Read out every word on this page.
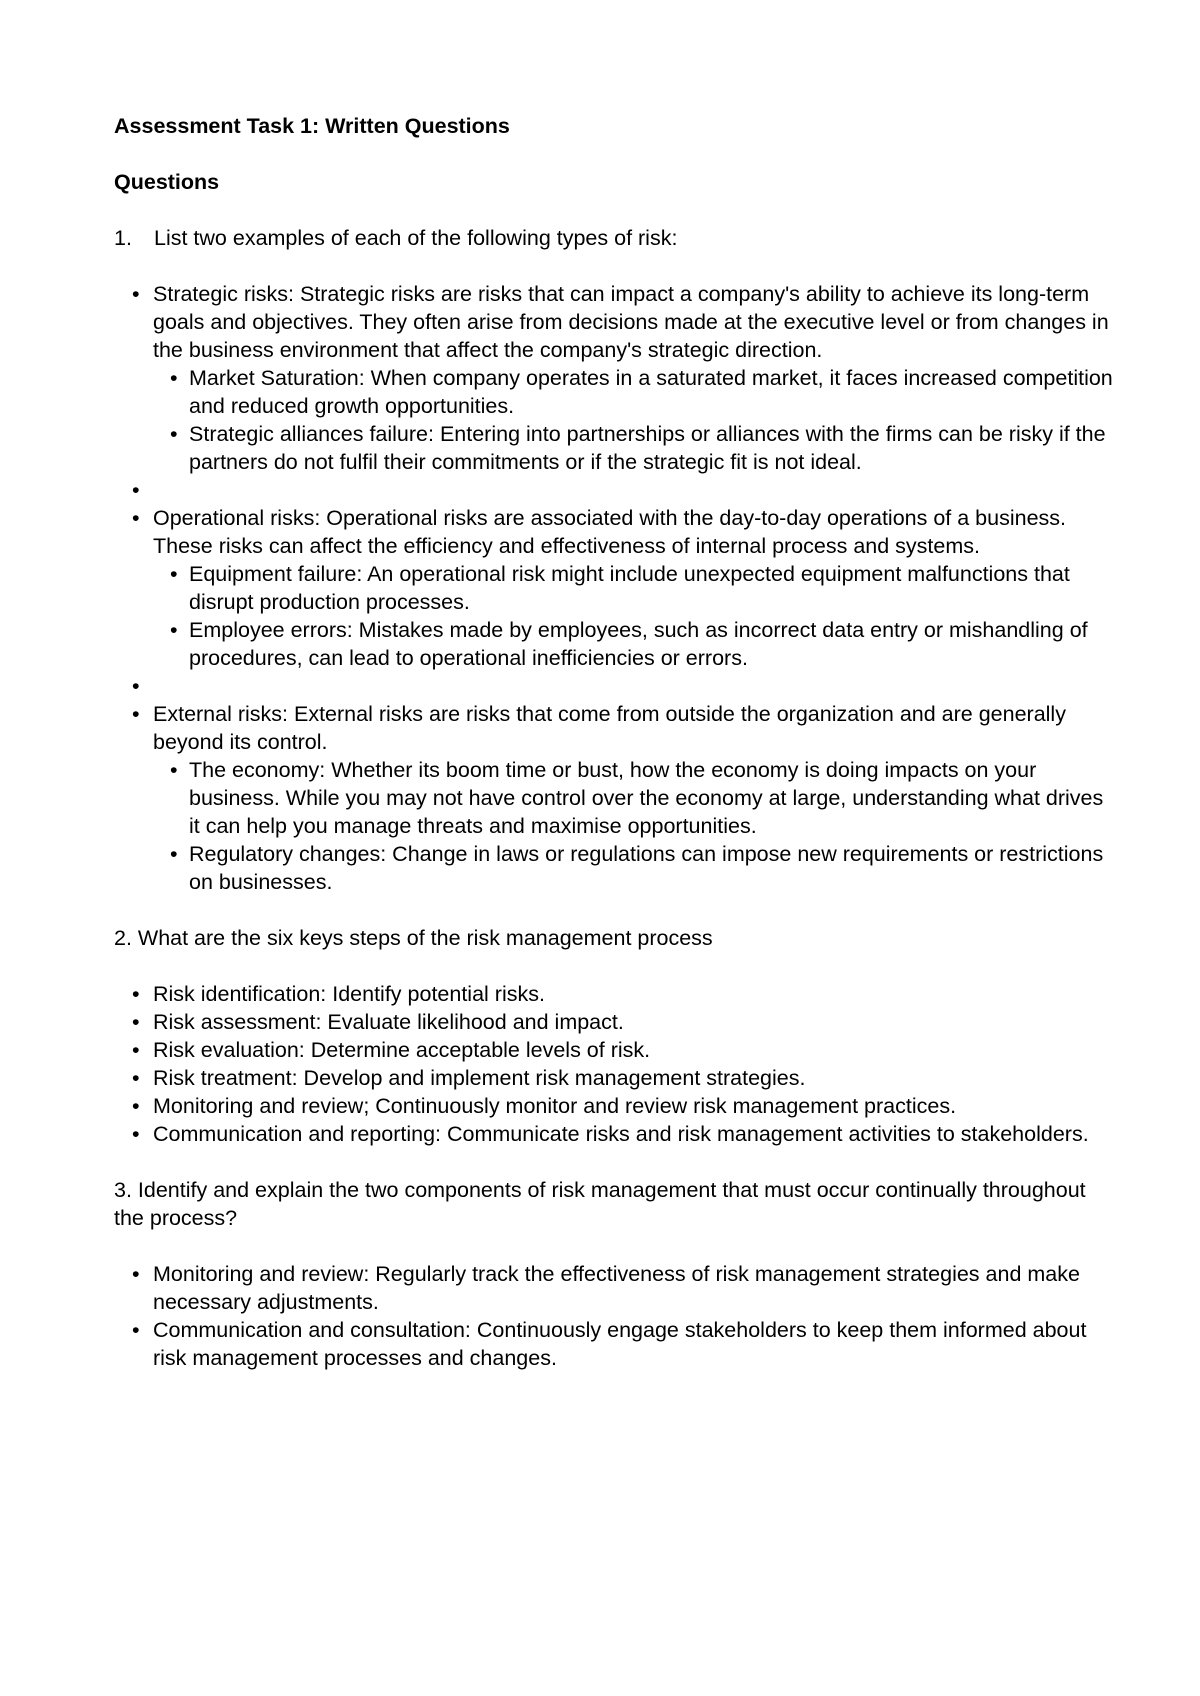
Assessment Task 1: Written Questions

Questions

1.	List two examples of each of the following types of risk:
• Strategic risks: Strategic risks are risks that can impact a company's ability to achieve its long-term goals and objectives. They often arise from decisions made at the executive level or from changes in the business environment that affect the company's strategic direction.
• Market Saturation: When company operates in a saturated market, it faces increased competition and reduced growth opportunities.
• Strategic alliances failure: Entering into partnerships or alliances with the firms can be risky if the partners do not fulfil their commitments or if the strategic fit is not ideal.
•
• Operational risks: Operational risks are associated with the day-to-day operations of a business. These risks can affect the efficiency and effectiveness of internal process and systems.
• Equipment failure: An operational risk might include unexpected equipment malfunctions that disrupt production processes.
• Employee errors: Mistakes made by employees, such as incorrect data entry or mishandling of procedures, can lead to operational inefficiencies or errors.
•
• External risks: External risks are risks that come from outside the organization and are generally beyond its control.
• The economy: Whether its boom time or bust, how the economy is doing impacts on your business. While you may not have control over the economy at large, understanding what drives it can help you manage threats and maximise opportunities.
• Regulatory changes: Change in laws or regulations can impose new requirements or restrictions on businesses.

2. What are the six keys steps of the risk management process

• Risk identification: Identify potential risks.
• Risk assessment: Evaluate likelihood and impact.
• Risk evaluation: Determine acceptable levels of risk.
• Risk treatment: Develop and implement risk management strategies.
• Monitoring and review; Continuously monitor and review risk management practices.
• Communication and reporting: Communicate risks and risk management activities to stakeholders.

3. Identify and explain the two components of risk management that must occur continually throughout the process?

• Monitoring and review: Regularly track the effectiveness of risk management strategies and make necessary adjustments.
• Communication and consultation: Continuously engage stakeholders to keep them informed about risk management processes and changes.
